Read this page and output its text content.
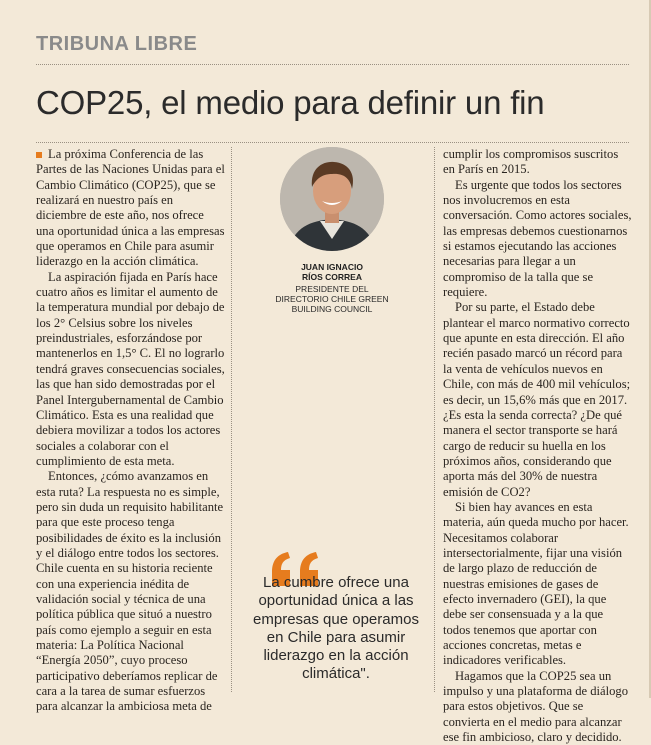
TRIBUNA LIBRE
COP25, el medio para definir un fin

La próxima Conferencia de las Partes de las Naciones Unidas para el Cambio Climático (COP25), que se realizará en nuestro país en diciembre de este año, nos ofrece una oportunidad única a las empresas que operamos en Chile para asumir liderazgo en la acción climática.

La aspiración fijada en París hace cuatro años es limitar el aumento de la temperatura mundial por debajo de los 2° Celsius sobre los niveles preindustriales, esforzándose por mantenerlos en 1,5° C. El no lograrlo tendrá graves consecuencias sociales, las que han sido demostradas por el Panel Intergubernamental de Cambio Climático. Esta es una realidad que debiera movilizar a todos los actores sociales a colaborar con el cumplimiento de esta meta.

Entonces, ¿cómo avanzamos en esta ruta? La respuesta no es simple, pero sin duda un requisito habilitante para que este proceso tenga posibilidades de éxito es la inclusión y el diálogo entre todos los sectores. Chile cuenta en su historia reciente con una experiencia inédita de validación social y técnica de una política pública que situó a nuestro país como ejemplo a seguir en esta materia: La Política Nacional “Energía 2050”, cuyo proceso participativo deberíamos replicar de cara a la tarea de sumar esfuerzos para alcanzar la ambiciosa meta de

JUAN IGNACIO
RÍOS CORREA
PRESIDENTE DEL
DIRECTORIO CHILE GREEN
BUILDING COUNCIL
La cumbre ofrece una oportunidad única a las empresas que operamos en Chile para asumir liderazgo en la acción climática".

cumplir los compromisos suscritos en París en 2015.

Es urgente que todos los sectores nos involucremos en esta conversación. Como actores sociales, las empresas debemos cuestionarnos si estamos ejecutando las acciones necesarias para llegar a un compromiso de la talla que se requiere.

Por su parte, el Estado debe plantear el marco normativo correcto que apunte en esta dirección. El año recién pasado marcó un récord para la venta de vehículos nuevos en Chile, con más de 400 mil vehículos; es decir, un 15,6% más que en 2017. ¿Es esta la senda correcta? ¿De qué manera el sector transporte se hará cargo de reducir su huella en los próximos años, considerando que aporta más del 30% de nuestra emisión de CO2?

Si bien hay avances en esta materia, aún queda mucho por hacer. Necesitamos colaborar intersectorialmente, fijar una visión de largo plazo de reducción de nuestras emisiones de gases de efecto invernadero (GEI), la que debe ser consensuada y a la que todos tenemos que aportar con acciones concretas, metas e indicadores verificables.

Hagamos que la COP25 sea un impulso y una plataforma de diálogo para estos objetivos. Que se convierta en el medio para alcanzar ese fin ambicioso, claro y decidido.
